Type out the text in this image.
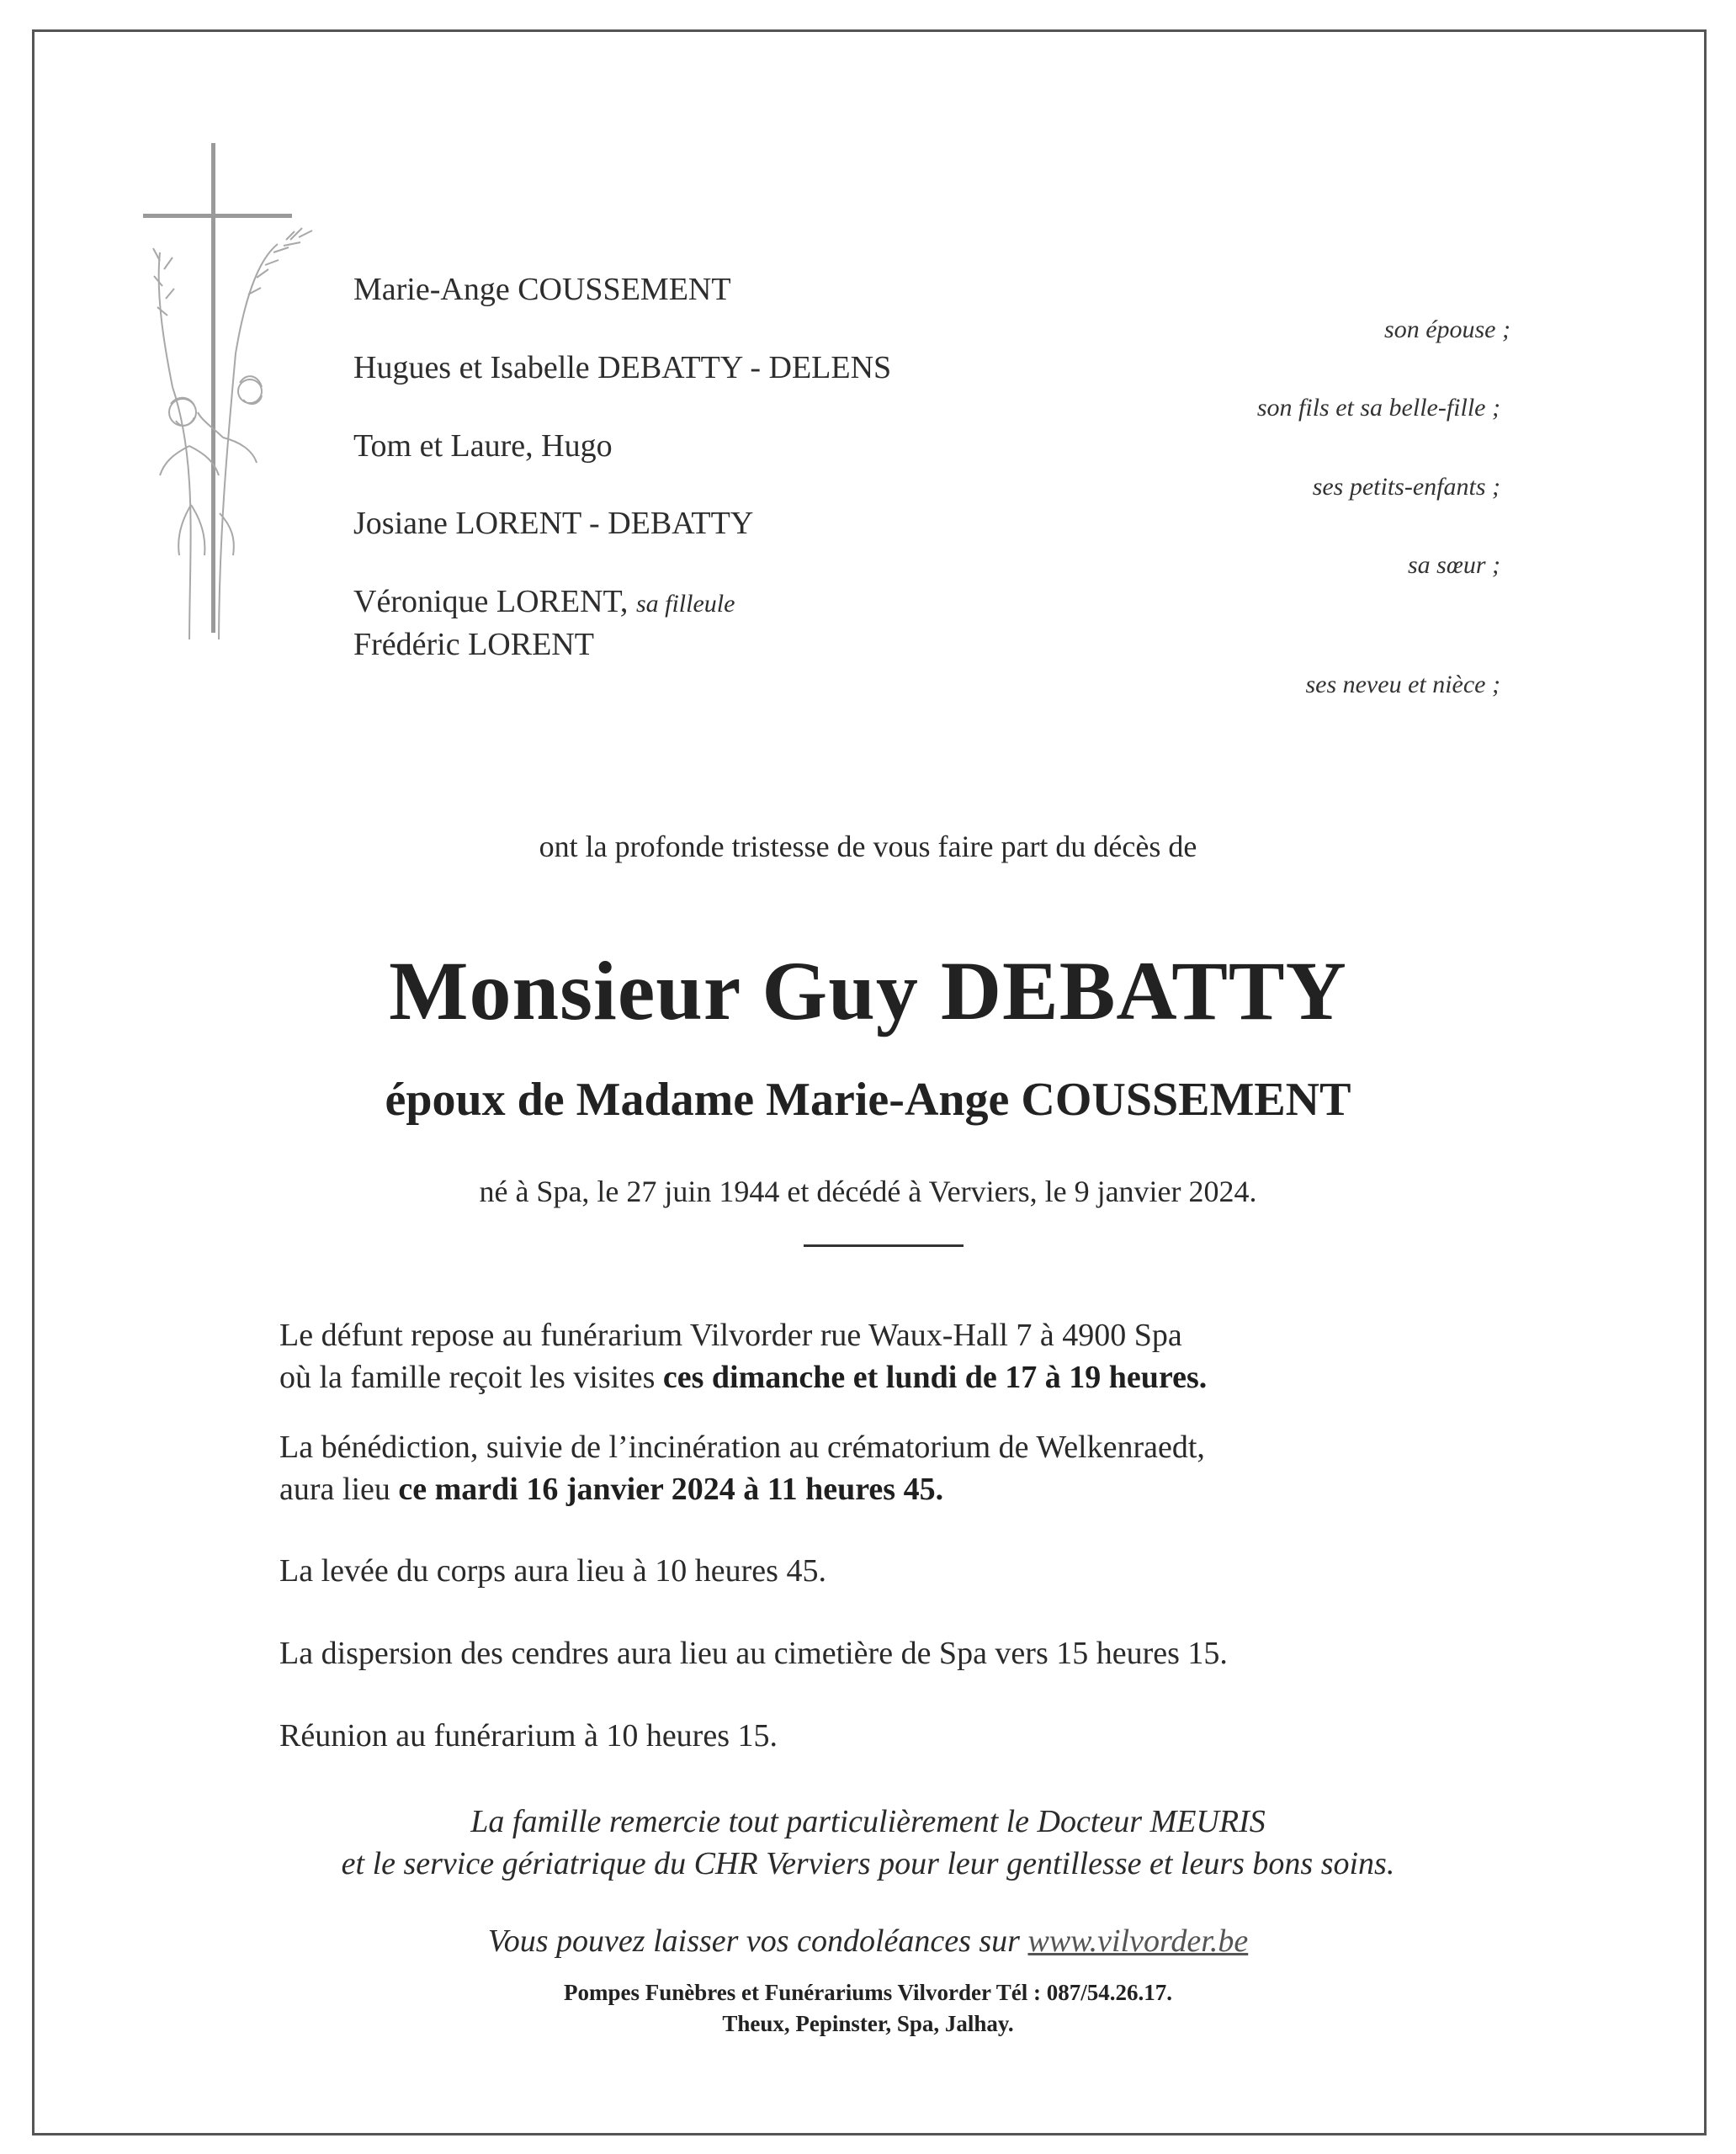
Marie-Ange COUSSEMENT
son épouse ;
Hugues et Isabelle DEBATTY - DELENS
son fils et sa belle-fille ;
Tom et Laure, Hugo
ses petits-enfants ;
Josiane LORENT - DEBATTY
sa sœur ;
Véronique LORENT, sa filleule
Frédéric LORENT
ses neveu et nièce ;
ont la profonde tristesse de vous faire part du décès de
Monsieur Guy DEBATTY
époux de Madame Marie-Ange COUSSEMENT
né à Spa, le 27 juin 1944 et décédé à Verviers, le 9 janvier 2024.
Le défunt repose au funérarium Vilvorder rue Waux-Hall 7 à 4900 Spa
où la famille reçoit les visites ces dimanche et lundi de 17 à 19 heures.
La bénédiction, suivie de l’incinération au crématorium de Welkenraedt,
aura lieu ce mardi 16 janvier 2024 à 11 heures 45.
La levée du corps aura lieu à 10 heures 45.
La dispersion des cendres aura lieu au cimetière de Spa vers 15 heures 15.
Réunion au funérarium à 10 heures 15.
La famille remercie tout particulièrement le Docteur MEURIS
et le service gériatrique du CHR Verviers pour leur gentillesse et leurs bons soins.
Vous pouvez laisser vos condoléances sur www.vilvorder.be
Pompes Funèbres et Funérariums Vilvorder Tél : 087/54.26.17.
Theux, Pepinster, Spa, Jalhay.
